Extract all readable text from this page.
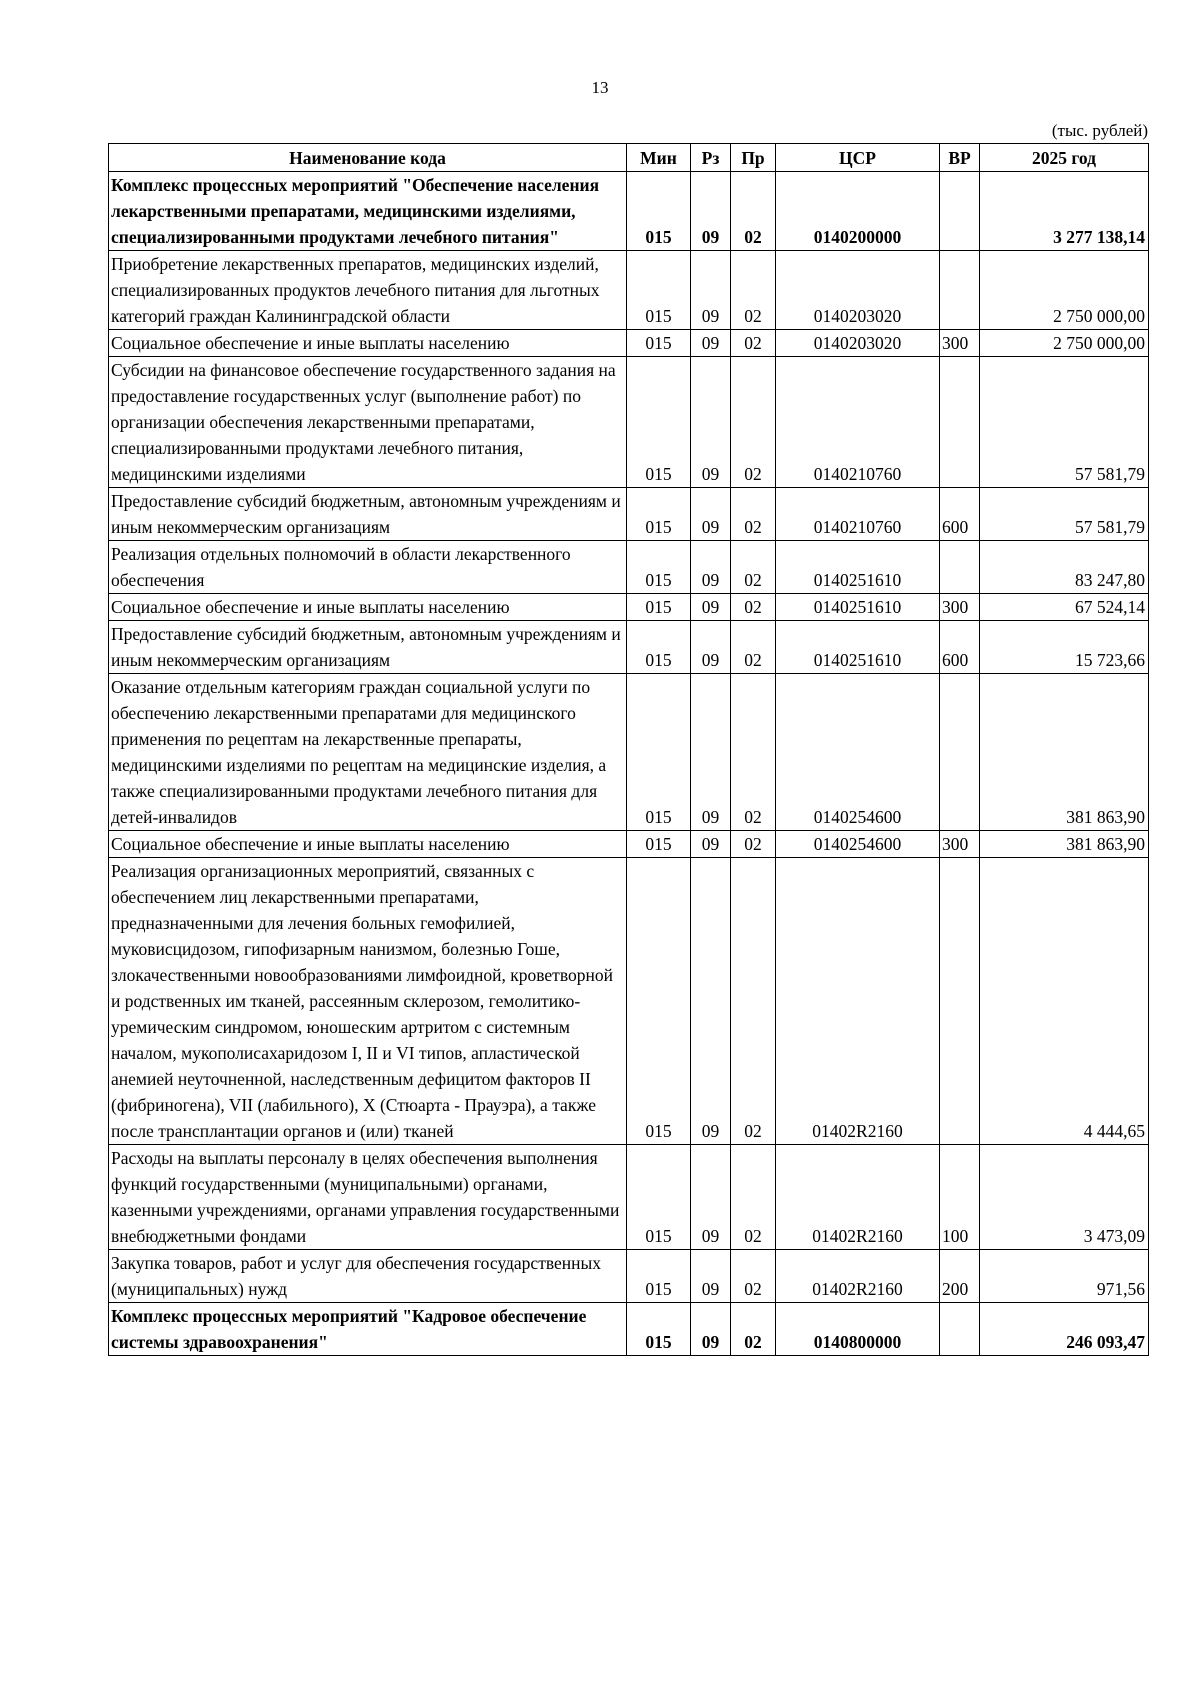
13
(тыс. рублей)
Наименование кода	Мин	Рз	Пр	ЦСР	ВР	2025 год
Комплекс процессных мероприятий "Обеспечение населения лекарственными препаратами, медицинскими изделиями, специализированными продуктами лечебного питания"	015	09	02	0140200000		3 277 138,14
Приобретение лекарственных препаратов, медицинских изделий, специализированных продуктов лечебного питания для льготных категорий граждан Калининградской области	015	09	02	0140203020		2 750 000,00
Социальное обеспечение и иные выплаты населению	015	09	02	0140203020	300	2 750 000,00
Субсидии на финансовое обеспечение государственного задания на предоставление государственных услуг (выполнение работ) по организации обеспечения лекарственными препаратами, специализированными продуктами лечебного питания, медицинскими изделиями	015	09	02	0140210760		57 581,79
Предоставление субсидий бюджетным, автономным учреждениям и иным некоммерческим организациям	015	09	02	0140210760	600	57 581,79
Реализация отдельных полномочий в области лекарственного обеспечения	015	09	02	0140251610		83 247,80
Социальное обеспечение и иные выплаты населению	015	09	02	0140251610	300	67 524,14
Предоставление субсидий бюджетным, автономным учреждениям и иным некоммерческим организациям	015	09	02	0140251610	600	15 723,66
Оказание отдельным категориям граждан социальной услуги по обеспечению лекарственными препаратами для медицинского применения по рецептам на лекарственные препараты, медицинскими изделиями по рецептам на медицинские изделия, а также специализированными продуктами лечебного питания для детей-инвалидов	015	09	02	0140254600		381 863,90
Социальное обеспечение и иные выплаты населению	015	09	02	0140254600	300	381 863,90
Реализация организационных мероприятий, связанных с обеспечением лиц лекарственными препаратами, предназначенными для лечения больных гемофилией, муковисцидозом, гипофизарным нанизмом, болезнью Гоше, злокачественными новообразованиями лимфоидной, кроветворной и родственных им тканей, рассеянным склерозом, гемолитико-уремическим синдромом, юношеским артритом с системным началом, мукополисахаридозом I, II и VI типов, апластической анемией неуточненной, наследственным дефицитом факторов II (фибриногена), VII (лабильного), X (Стюарта - Прауэра), а также после трансплантации органов и (или) тканей	015	09	02	01402R2160		4 444,65
Расходы на выплаты персоналу в целях обеспечения выполнения функций государственными (муниципальными) органами, казенными учреждениями, органами управления государственными внебюджетными фондами	015	09	02	01402R2160	100	3 473,09
Закупка товаров, работ и услуг для обеспечения государственных (муниципальных) нужд	015	09	02	01402R2160	200	971,56
Комплекс процессных мероприятий "Кадровое обеспечение системы здравоохранения"	015	09	02	0140800000		246 093,47
